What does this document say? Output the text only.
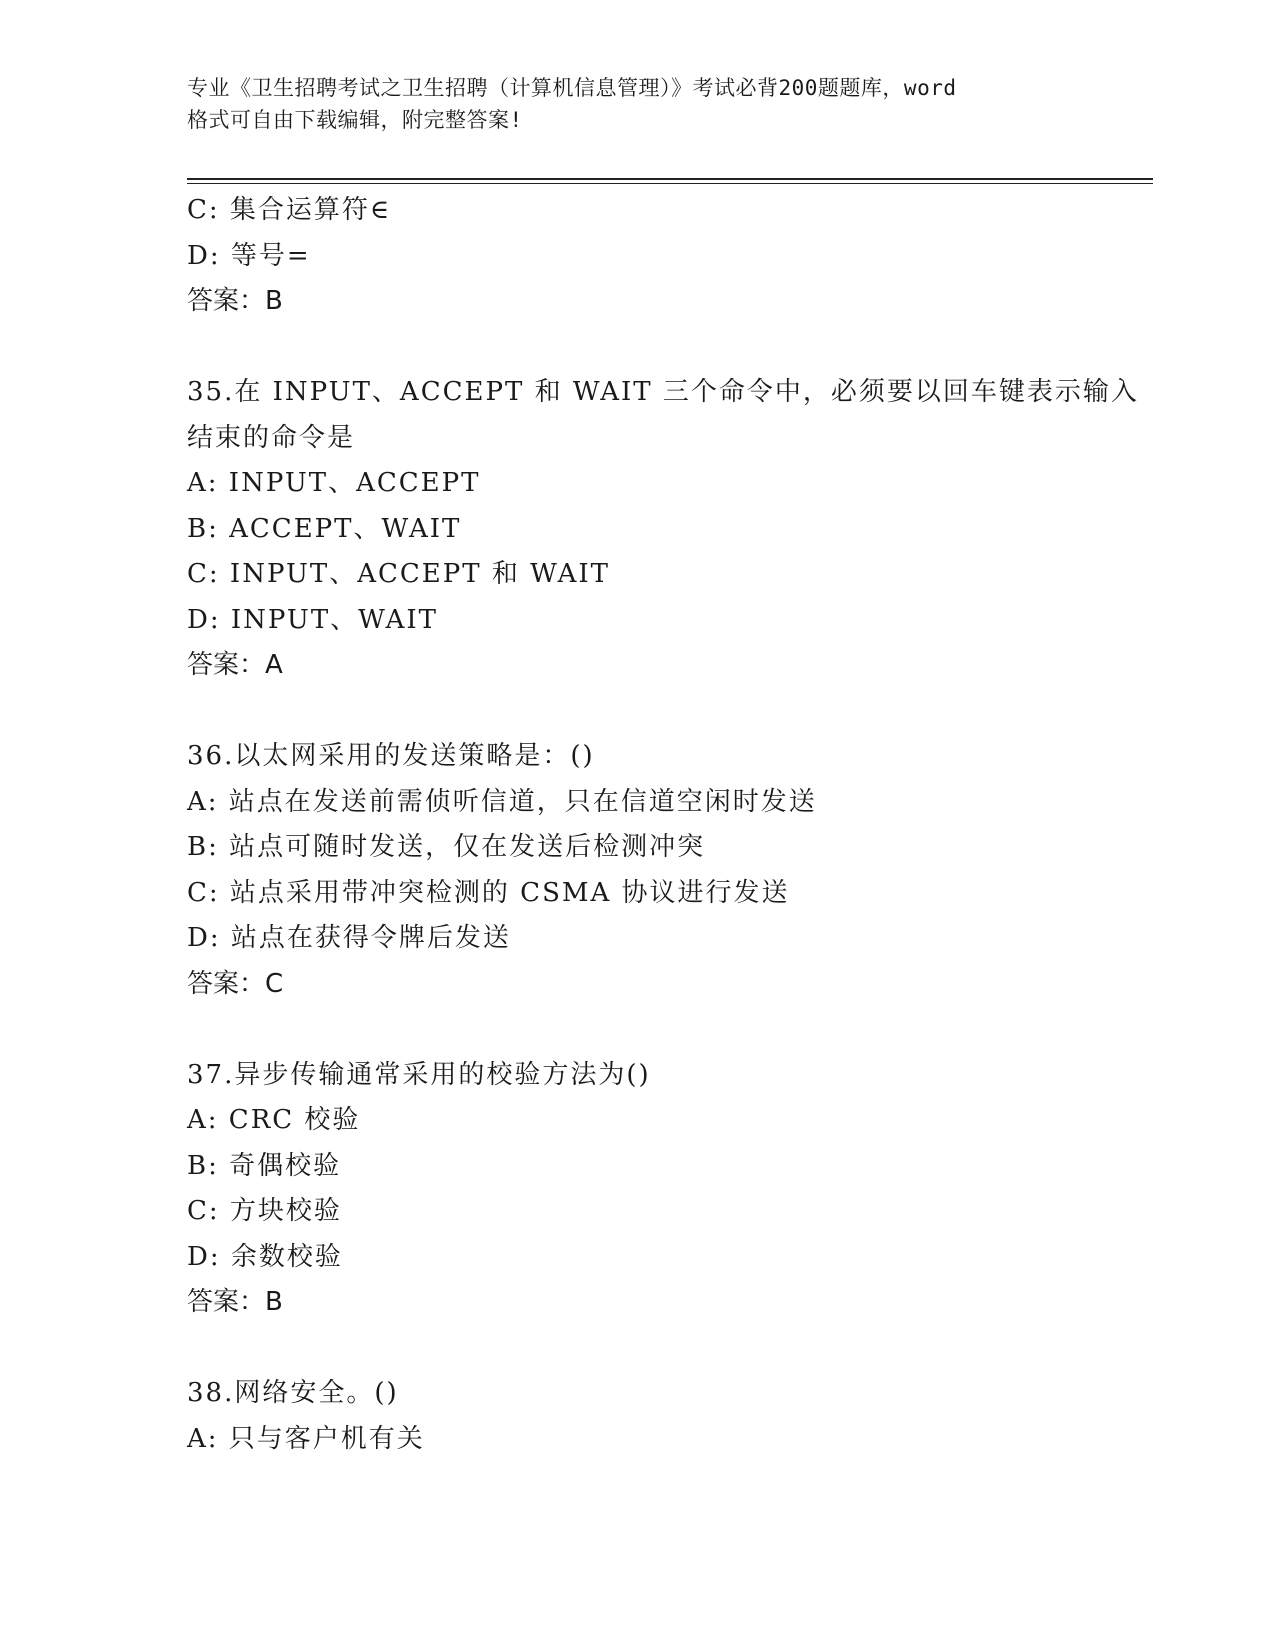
专业《卫生招聘考试之卫生招聘（计算机信息管理）》考试必背200题题库，word
格式可自由下载编辑，附完整答案!
C: 集合运算符∈
D: 等号=
答案：B
35.在 INPUT、ACCEPT 和 WAIT 三个命令中，必须要以回车键表示输入
结束的命令是
A: INPUT、ACCEPT
B: ACCEPT、WAIT
C: INPUT、ACCEPT 和 WAIT
D: INPUT、WAIT
答案：A
36.以太网采用的发送策略是：()
A: 站点在发送前需侦听信道，只在信道空闲时发送
B: 站点可随时发送，仅在发送后检测冲突
C: 站点采用带冲突检测的 CSMA 协议进行发送
D: 站点在获得令牌后发送
答案：C
37.异步传输通常采用的校验方法为()
A: CRC 校验
B: 奇偶校验
C: 方块校验
D: 余数校验
答案：B
38.网络安全。()
A: 只与客户机有关
